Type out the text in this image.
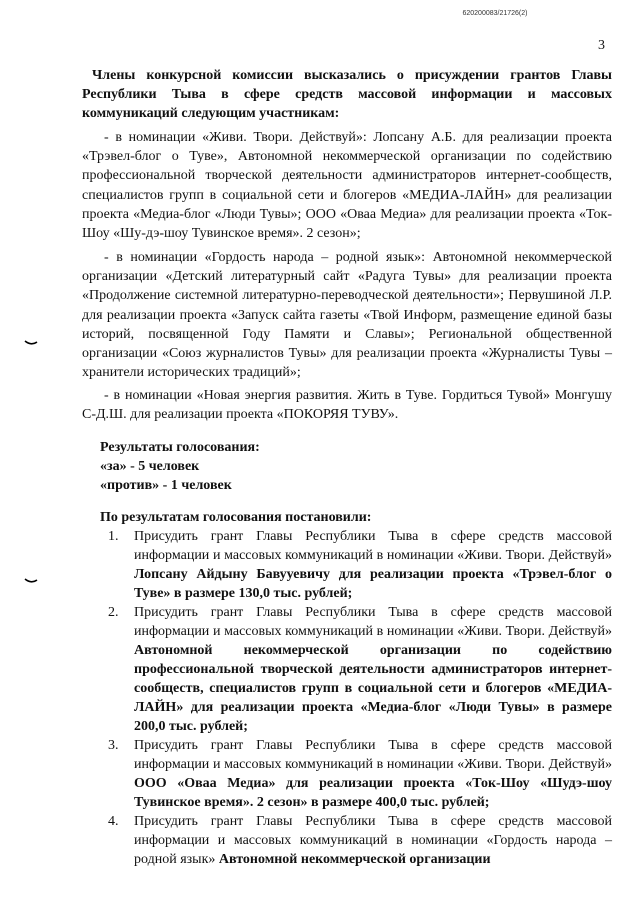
620200083/21726(2)
3
Члены конкурсной комиссии высказались о присуждении грантов Главы Республики Тыва в сфере средств массовой информации и массовых коммуникаций следующим участникам:
- в номинации «Живи. Твори. Действуй»: Лопсану А.Б. для реализации проекта «Трэвел-блог о Туве», Автономной некоммерческой организации по содействию профессиональной творческой деятельности администраторов интернет-сообществ, специалистов групп в социальной сети и блогеров «МЕДИА-ЛАЙН» для реализации проекта «Медиа-блог «Люди Тувы»; ООО «Оваа Медиа» для реализации проекта «Ток-Шоу «Шу-дэ-шоу Тувинское время». 2 сезон»;
- в номинации «Гордость народа – родной язык»: Автономной некоммерческой организации «Детский литературный сайт «Радуга Тувы» для реализации проекта «Продолжение системной литературно-переводческой деятельности»; Первушиной Л.Р. для реализации проекта «Запуск сайта газеты «Твой Информ, размещение единой базы историй, посвященной Году Памяти и Славы»; Региональной общественной организации «Союз журналистов Тувы» для реализации проекта «Журналисты Тувы – хранители исторических традиций»;
- в номинации «Новая энергия развития. Жить в Туве. Гордиться Тувой» Монгушу С-Д.Ш. для реализации проекта «ПОКОРЯЯ ТУВУ».
Результаты голосования:
«за» - 5 человек
«против» - 1 человек
По результатам голосования постановили:
1. Присудить грант Главы Республики Тыва в сфере средств массовой информации и массовых коммуникаций в номинации «Живи. Твори. Действуй» Лопсану Айдыну Бавууевичу для реализации проекта «Трэвел-блог о Туве» в размере 130,0 тыс. рублей;
2. Присудить грант Главы Республики Тыва в сфере средств массовой информации и массовых коммуникаций в номинации «Живи. Твори. Действуй» Автономной некоммерческой организации по содействию профессиональной творческой деятельности администраторов интернет-сообществ, специалистов групп в социальной сети и блогеров «МЕДИА-ЛАЙН» для реализации проекта «Медиа-блог «Люди Тувы» в размере 200,0 тыс. рублей;
3. Присудить грант Главы Республики Тыва в сфере средств массовой информации и массовых коммуникаций в номинации «Живи. Твори. Действуй» ООО «Оваа Медиа» для реализации проекта «Ток-Шоу «Шудэ-шоу Тувинское время». 2 сезон» в размере 400,0 тыс. рублей;
4. Присудить грант Главы Республики Тыва в сфере средств массовой информации и массовых коммуникаций в номинации «Гордость народа – родной язык» Автономной некоммерческой организации
